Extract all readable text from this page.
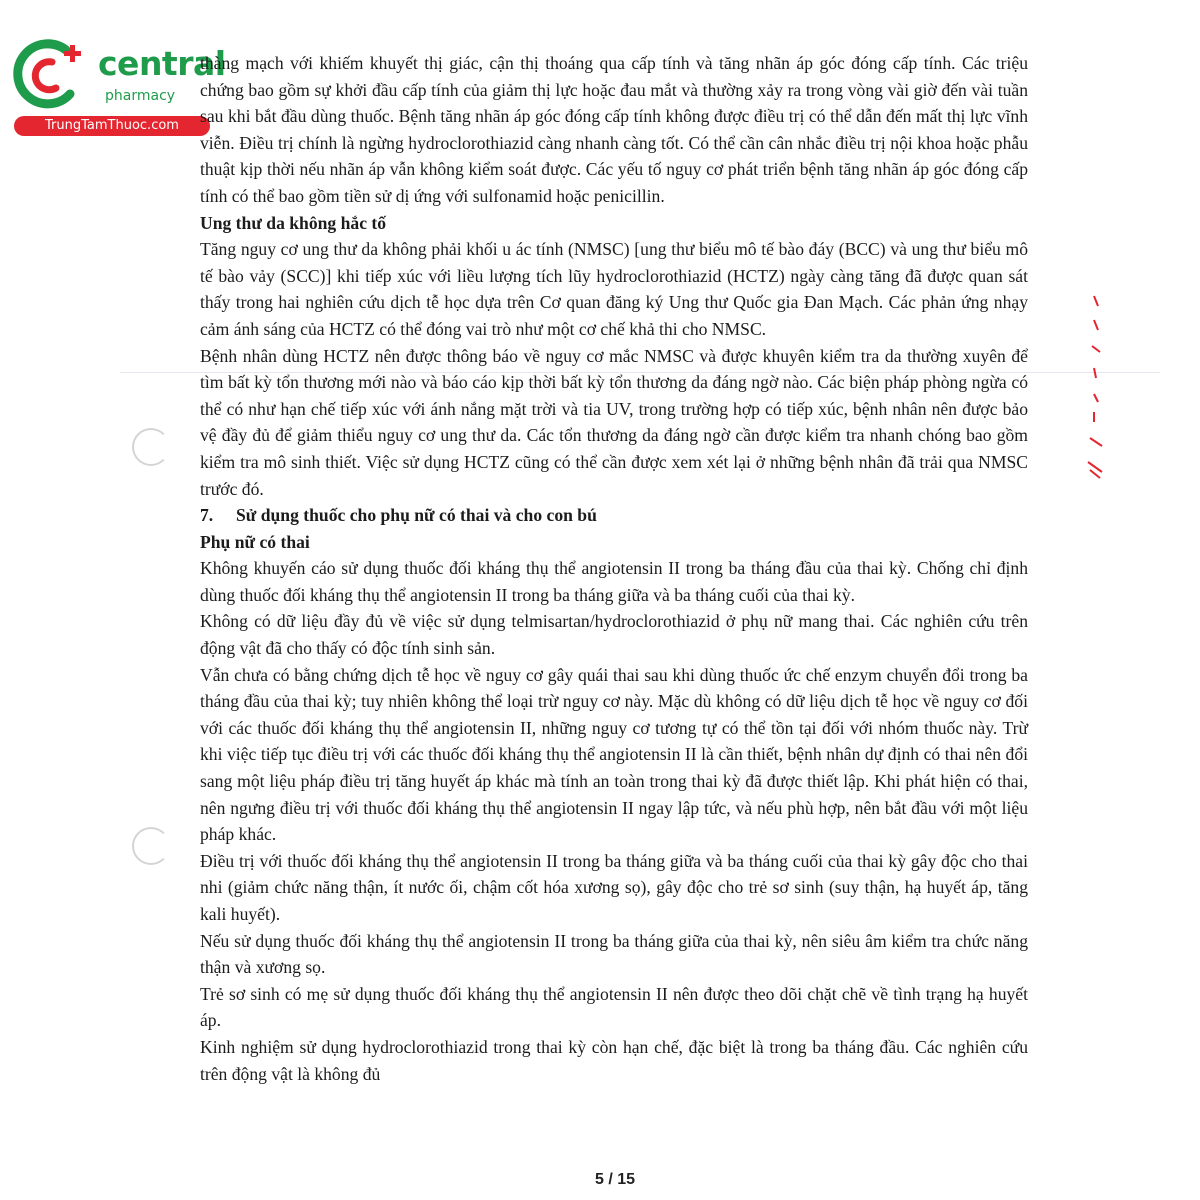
central
pharmacy
TrungTamThuoc.com

thàng mạch với khiếm khuyết thị giác, cận thị thoáng qua cấp tính và tăng nhãn áp góc đóng cấp tính. Các triệu chứng bao gồm sự khởi đầu cấp tính của giảm thị lực hoặc đau mắt và thường xảy ra trong vòng vài giờ đến vài tuần sau khi bắt đầu dùng thuốc. Bệnh tăng nhãn áp góc đóng cấp tính không được điều trị có thể dẫn đến mất thị lực vĩnh viễn. Điều trị chính là ngừng hydroclorothiazid càng nhanh càng tốt. Có thể cần cân nhắc điều trị nội khoa hoặc phẫu thuật kịp thời nếu nhãn áp vẫn không kiểm soát được. Các yếu tố nguy cơ phát triển bệnh tăng nhãn áp góc đóng cấp tính có thể bao gồm tiền sử dị ứng với sulfonamid hoặc penicillin.

Ung thư da không hắc tố

Tăng nguy cơ ung thư da không phải khối u ác tính (NMSC) [ung thư biểu mô tế bào đáy (BCC) và ung thư biểu mô tế bào vảy (SCC)] khi tiếp xúc với liều lượng tích lũy hydroclorothiazid (HCTZ) ngày càng tăng đã được quan sát thấy trong hai nghiên cứu dịch tễ học dựa trên Cơ quan đăng ký Ung thư Quốc gia Đan Mạch. Các phản ứng nhạy cảm ánh sáng của HCTZ có thể đóng vai trò như một cơ chế khả thi cho NMSC.

Bệnh nhân dùng HCTZ nên được thông báo về nguy cơ mắc NMSC và được khuyên kiểm tra da thường xuyên để tìm bất kỳ tổn thương mới nào và báo cáo kịp thời bất kỳ tổn thương da đáng ngờ nào. Các biện pháp phòng ngừa có thể có như hạn chế tiếp xúc với ánh nắng mặt trời và tia UV, trong trường hợp có tiếp xúc, bệnh nhân nên được bảo vệ đầy đủ để giảm thiểu nguy cơ ung thư da. Các tổn thương da đáng ngờ cần được kiểm tra nhanh chóng bao gồm kiểm tra mô sinh thiết. Việc sử dụng HCTZ cũng có thể cần được xem xét lại ở những bệnh nhân đã trải qua NMSC trước đó.

7. Sử dụng thuốc cho phụ nữ có thai và cho con bú
Phụ nữ có thai

Không khuyến cáo sử dụng thuốc đối kháng thụ thể angiotensin II trong ba tháng đầu của thai kỳ. Chống chỉ định dùng thuốc đối kháng thụ thể angiotensin II trong ba tháng giữa và ba tháng cuối của thai kỳ.

Không có dữ liệu đầy đủ về việc sử dụng telmisartan/hydroclorothiazid ở phụ nữ mang thai. Các nghiên cứu trên động vật đã cho thấy có độc tính sinh sản.

Vẫn chưa có bằng chứng dịch tễ học về nguy cơ gây quái thai sau khi dùng thuốc ức chế enzym chuyển đổi trong ba tháng đầu của thai kỳ; tuy nhiên không thể loại trừ nguy cơ này. Mặc dù không có dữ liệu dịch tễ học về nguy cơ đối với các thuốc đối kháng thụ thể angiotensin II, những nguy cơ tương tự có thể tồn tại đối với nhóm thuốc này. Trừ khi việc tiếp tục điều trị với các thuốc đối kháng thụ thể angiotensin II là cần thiết, bệnh nhân dự định có thai nên đổi sang một liệu pháp điều trị tăng huyết áp khác mà tính an toàn trong thai kỳ đã được thiết lập. Khi phát hiện có thai, nên ngưng điều trị với thuốc đối kháng thụ thể angiotensin II ngay lập tức, và nếu phù hợp, nên bắt đầu với một liệu pháp khác.

Điều trị với thuốc đối kháng thụ thể angiotensin II trong ba tháng giữa và ba tháng cuối của thai kỳ gây độc cho thai nhi (giảm chức năng thận, ít nước ối, chậm cốt hóa xương sọ), gây độc cho trẻ sơ sinh (suy thận, hạ huyết áp, tăng kali huyết).

Nếu sử dụng thuốc đối kháng thụ thể angiotensin II trong ba tháng giữa của thai kỳ, nên siêu âm kiểm tra chức năng thận và xương sọ.

Trẻ sơ sinh có mẹ sử dụng thuốc đối kháng thụ thể angiotensin II nên được theo dõi chặt chẽ về tình trạng hạ huyết áp.

Kinh nghiệm sử dụng hydroclorothiazid trong thai kỳ còn hạn chế, đặc biệt là trong ba tháng đầu. Các nghiên cứu trên động vật là không đủ

5 / 15
